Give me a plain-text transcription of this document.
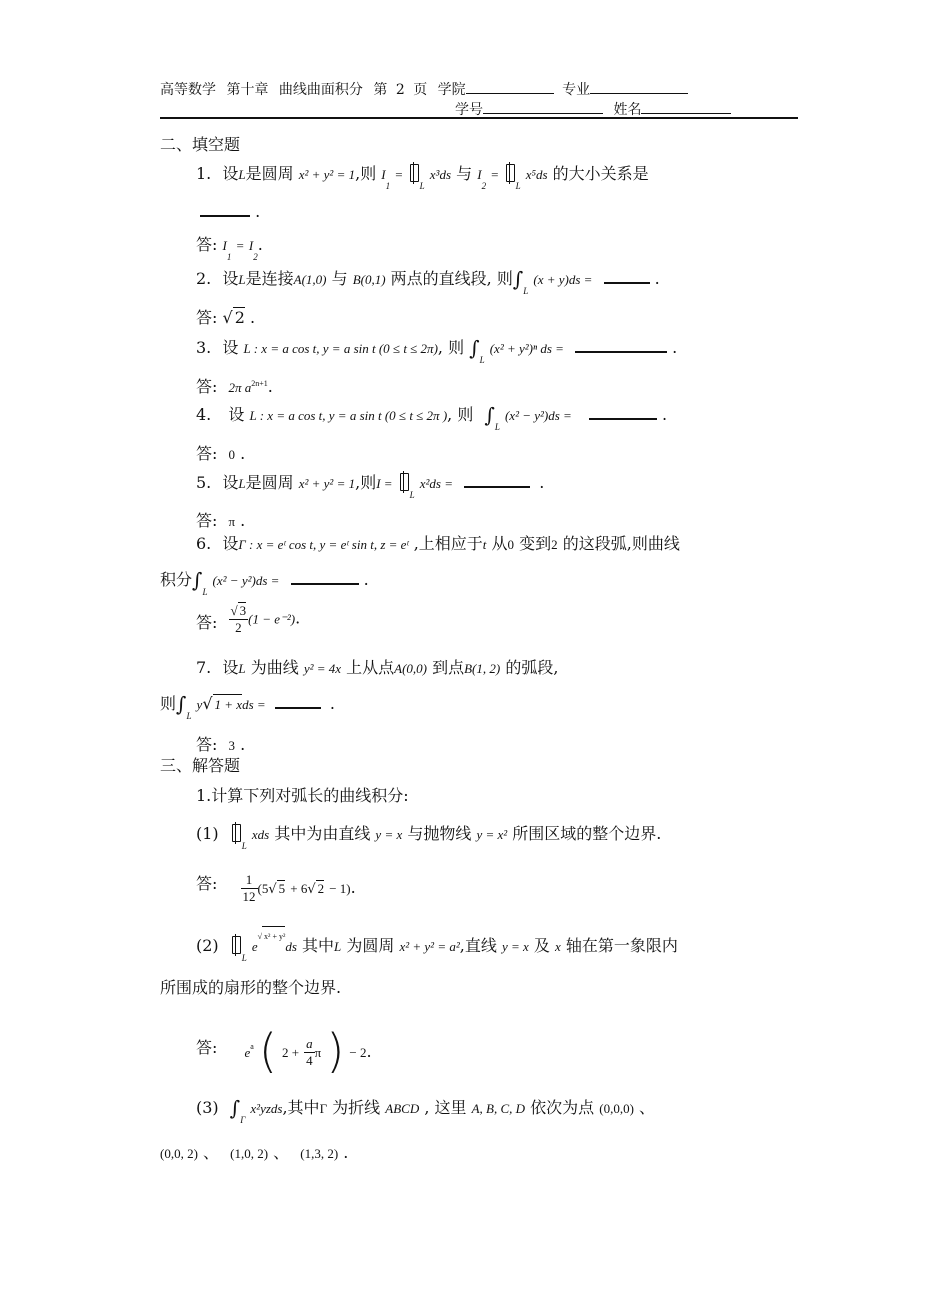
高等数学 第十章 曲线曲面积分 第 2 页 学院	专业
学号	姓名
二、填空题
1. 设L是圆周 x² + y² = 1,则 $I_1 = _L$ x³ds 与 $I_2 = _L$ x⁵ds 的大小关系是
.
答: $I_1 = I_2$.
2. 设L是连接A(1,0) 与 B(0,1) 两点的直线段, 则$\int_L$ (x + y)ds =	.
答: √ 2 .
3. 设 L : x = a cos t, y = a sin t (0 ≤ t ≤ 2π), 则 $\int_L$ (x² + y²)ⁿ ds =	.
答: 2π $a^{2n+1}$.
4. 设 L : x = a cos t, y = a sin t (0 ≤ t ≤ 2π ), 则 $\int_L$ (x² − y²)ds =	.
答: 0 .
5. 设L是圆周 x² + y² = 1,则I = $_L$ x²ds =	.
答: π .
6. 设Γ : x = eᵗ cos t, y = eᵗ sin t, z = eᵗ ,上相应于t 从0 变到2 的这段弧,则曲线
积分$\int_L$ (x² − y²)ds =	.
答: $\frac{√ 3}{2} (1 - e^{-2})$.
7. 设L 为曲线 y² = 4x 上从点A(0,0) 到点B(1, 2) 的弧段,
则$\int_L$ y√ 1 + xds =	.
答: 3 .
三、解答题
1.计算下列对弧长的曲线积分:
(1) $_L$ xds 其中为由直线 y = x 与抛物线 y = x² 所围区域的整个边界.
答: $\frac{1}{12} (5√$ 5 + 6√ 2 − 1).
(2) $_L$ $e^{√ x^2 + y^2}ds$ 其中L 为圆周 x² + y² = a²,直线 y = x 及 x 轴在第一象限内
所围成的扇形的整个边界.
答: $^{ea}$ ( $^{2 +} \frac{a}{4} ^\pi$ ) $^{- 2}$.
(3) $\int_\Gamma$ x²yzds,其中Γ 为折线 ABCD , 这里 A, B, C, D 依次为点 (0,0,0) 、
(0,0, 2) 、 (1,0, 2) 、 (1,3, 2) .
